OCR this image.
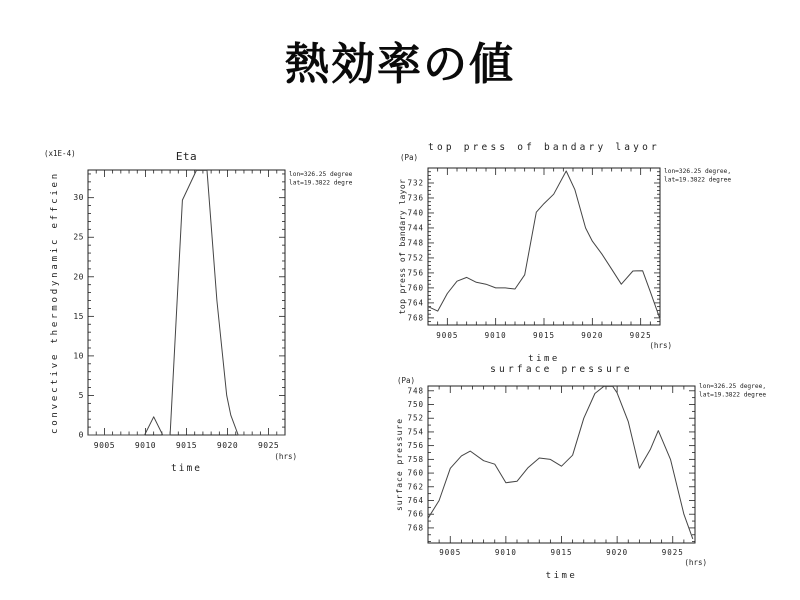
熱効率の値
9005 9010 9015 9020 9025
0
5
10
15
20
25
30
Eta
(x1E-4)
convective thermodynamic effcien
(hrs)
time
lon=326.25 degree,
lat=19.3822 degree
9005	9010	9015	9020	9025
732
736
740
744
748
752
756
760
764
768
top press of bandary layor
(Pa)
top press of bandary layor
(hrs)
time
lon=326.25 degree,
lat=19.3822 degree
9005	9010	9015	9020	9025
748
750
752
754
756
758
760
762
764
766
768
surface pressure
(Pa)
surface pressure
(hrs)
time
lon=326.25 degree,
lat=19.3822 degree
